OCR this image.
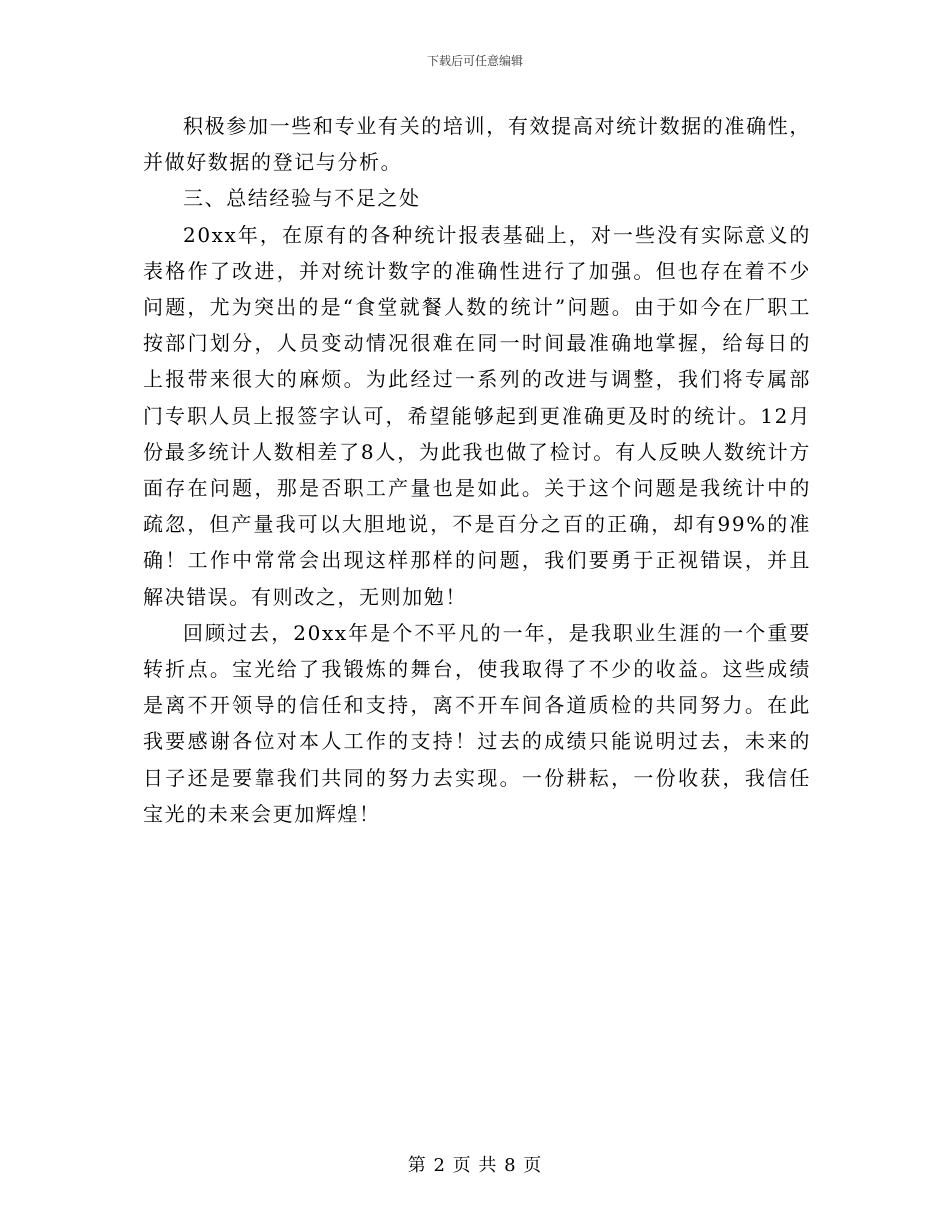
下载后可任意编辑

积极参加一些和专业有关的培训，有效提高对统计数据的准确性，并做好数据的登记与分析。

三、总结经验与不足之处

20xx年，在原有的各种统计报表基础上，对一些没有实际意义的表格作了改进，并对统计数字的准确性进行了加强。但也存在着不少问题，尤为突出的是“食堂就餐人数的统计”问题。由于如今在厂职工按部门划分，人员变动情况很难在同一时间最准确地掌握，给每日的上报带来很大的麻烦。为此经过一系列的改进与调整，我们将专属部门专职人员上报签字认可，希望能够起到更准确更及时的统计。12月份最多统计人数相差了8人，为此我也做了检讨。有人反映人数统计方面存在问题，那是否职工产量也是如此。关于这个问题是我统计中的疏忽，但产量我可以大胆地说，不是百分之百的正确，却有99%的准确！工作中常常会出现这样那样的问题，我们要勇于正视错误，并且解决错误。有则改之，无则加勉！

回顾过去，20xx年是个不平凡的一年，是我职业生涯的一个重要转折点。宝光给了我锻炼的舞台，使我取得了不少的收益。这些成绩是离不开领导的信任和支持，离不开车间各道质检的共同努力。在此我要感谢各位对本人工作的支持！过去的成绩只能说明过去，未来的日子还是要靠我们共同的努力去实现。一份耕耘，一份收获，我信任宝光的未来会更加辉煌！

第 2 页 共 8 页
